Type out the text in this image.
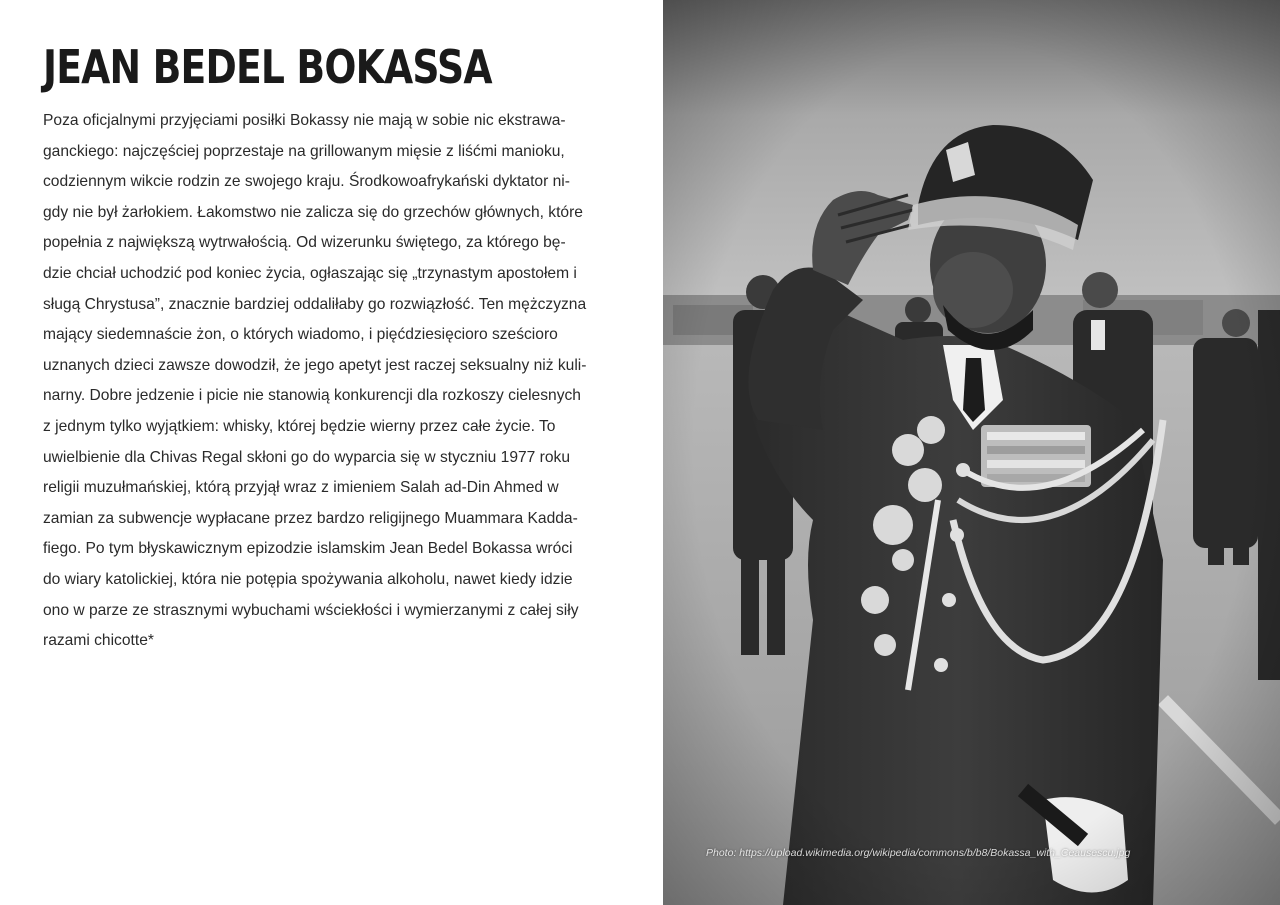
JEAN BEDEL BOKASSA

Poza oficjalnymi przyjęciami posiłki Bokassy nie mają w sobie nic ekstrawa-
ganckiego: najczęściej poprzestaje na grillowanym mięsie z liśćmi manioku,
codziennym wikcie rodzin ze swojego kraju. Środkowoafrykański dyktator ni-
gdy nie był żarłokiem. Łakomstwo nie zalicza się do grzechów głównych, które
popełnia z największą wytrwałością. Od wizerunku świętego, za którego bę-
dzie chciał uchodzić pod koniec życia, ogłaszając się „trzynastym apostołem i
sługą Chrystusa”, znacznie bardziej oddaliłaby go rozwiązłość. Ten mężczyzna
mający siedemnaście żon, o których wiadomo, i pięćdziesięcioro sześcioro
uznanych dzieci zawsze dowodził, że jego apetyt jest raczej seksualny niż kuli-
narny. Dobre jedzenie i picie nie stanowią konkurencji dla rozkoszy cielesnych
z jednym tylko wyjątkiem: whisky, której będzie wierny przez całe życie. To
uwielbienie dla Chivas Regal skłoni go do wyparcia się w styczniu 1977 roku
religii muzułmańskiej, którą przyjął wraz z imieniem Salah ad-Din Ahmed w
zamian za subwencje wypłacane przez bardzo religijnego Muammara Kadda-
fiego. Po tym błyskawicznym epizodzie islamskim Jean Bedel Bokassa wróci
do wiary katolickiej, która nie potępia spożywania alkoholu, nawet kiedy idzie
ono w parze ze strasznymi wybuchami wściekłości i wymierzanymi z całej siły
razami chicotte*

Photo: https://upload.wikimedia.org/wikipedia/commons/b/b8/Bokassa_with_Ceausescu.jpg
